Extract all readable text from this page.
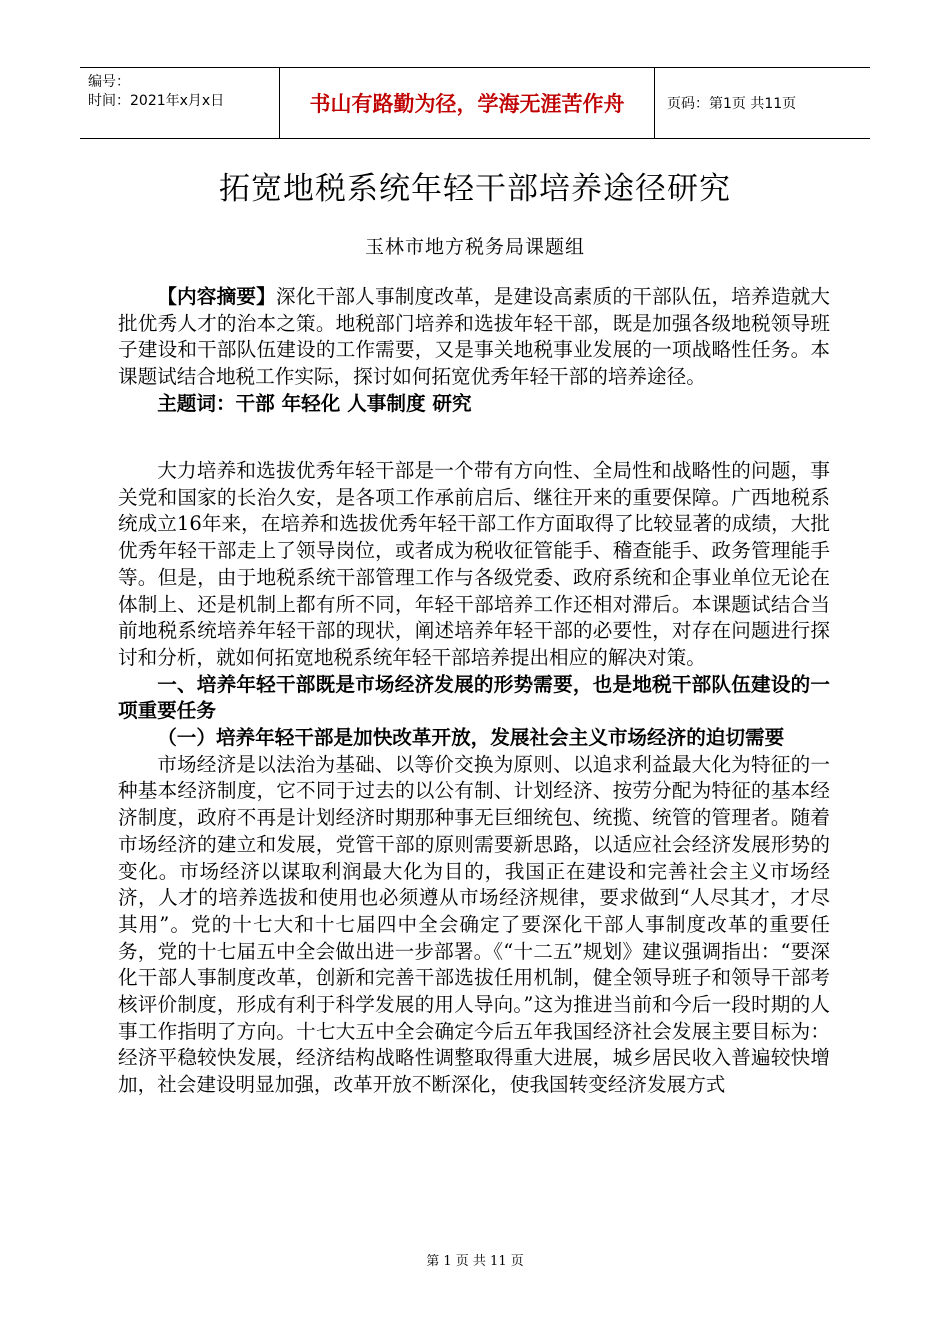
编号：
时间：2021年x月x日	书山有路勤为径，学海无涯苦作舟	页码：第1页 共11页
拓宽地税系统年轻干部培养途径研究
玉林市地方税务局课题组

【内容摘要】深化干部人事制度改革，是建设高素质的干部队伍，培养造就大批优秀人才的治本之策。地税部门培养和选拔年轻干部，既是加强各级地税领导班子建设和干部队伍建设的工作需要，又是事关地税事业发展的一项战略性任务。本课题试结合地税工作实际，探讨如何拓宽优秀年轻干部的培养途径。

主题词：干部 年轻化 人事制度 研究

大力培养和选拔优秀年轻干部是一个带有方向性、全局性和战略性的问题，事关党和国家的长治久安，是各项工作承前启后、继往开来的重要保障。广西地税系统成立16年来，在培养和选拔优秀年轻干部工作方面取得了比较显著的成绩，大批优秀年轻干部走上了领导岗位，或者成为税收征管能手、稽查能手、政务管理能手等。但是，由于地税系统干部管理工作与各级党委、政府系统和企事业单位无论在体制上、还是机制上都有所不同，年轻干部培养工作还相对滞后。本课题试结合当前地税系统培养年轻干部的现状，阐述培养年轻干部的必要性，对存在问题进行探讨和分析，就如何拓宽地税系统年轻干部培养提出相应的解决对策。

一、培养年轻干部既是市场经济发展的形势需要，也是地税干部队伍建设的一项重要任务

（一）培养年轻干部是加快改革开放，发展社会主义市场经济的迫切需要

市场经济是以法治为基础、以等价交换为原则、以追求利益最大化为特征的一种基本经济制度，它不同于过去的以公有制、计划经济、按劳分配为特征的基本经济制度，政府不再是计划经济时期那种事无巨细统包、统揽、统管的管理者。随着市场经济的建立和发展，党管干部的原则需要新思路，以适应社会经济发展形势的变化。市场经济以谋取利润最大化为目的，我国正在建设和完善社会主义市场经济，人才的培养选拔和使用也必须遵从市场经济规律，要求做到“人尽其才，才尽其用”。党的十七大和十七届四中全会确定了要深化干部人事制度改革的重要任务，党的十七届五中全会做出进一步部署。《“十二五”规划》建议强调指出：“要深化干部人事制度改革，创新和完善干部选拔任用机制，健全领导班子和领导干部考核评价制度，形成有利于科学发展的用人导向。”这为推进当前和今后一段时期的人事工作指明了方向。十七大五中全会确定今后五年我国经济社会发展主要目标为：经济平稳较快发展，经济结构战略性调整取得重大进展，城乡居民收入普遍较快增加，社会建设明显加强，改革开放不断深化，使我国转变经济发展方式

第 1 页 共 11 页
